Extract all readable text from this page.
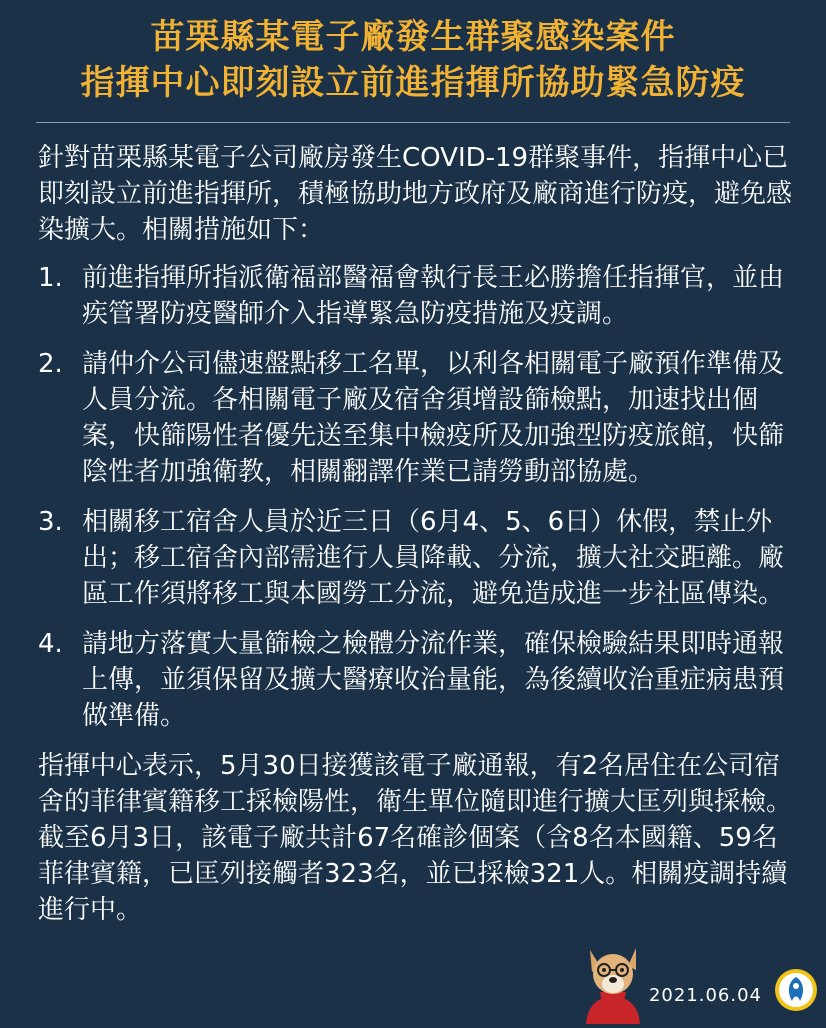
苗栗縣某電子廠發生群聚感染案件
指揮中心即刻設立前進指揮所協助緊急防疫

針對苗栗縣某電子公司廠房發生COVID-19群聚事件，指揮中心已即刻設立前進指揮所，積極協助地方政府及廠商進行防疫，避免感染擴大。相關措施如下：

1. 前進指揮所指派衛福部醫福會執行長王必勝擔任指揮官，並由疾管署防疫醫師介入指導緊急防疫措施及疫調。
2. 請仲介公司儘速盤點移工名單，以利各相關電子廠預作準備及人員分流。各相關電子廠及宿舍須增設篩檢點，加速找出個案，快篩陽性者優先送至集中檢疫所及加強型防疫旅館，快篩陰性者加強衛教，相關翻譯作業已請勞動部協處。
3. 相關移工宿舍人員於近三日（6月4、5、6日）休假，禁止外出；移工宿舍內部需進行人員降載、分流，擴大社交距離。廠區工作須將移工與本國勞工分流，避免造成進一步社區傳染。
4. 請地方落實大量篩檢之檢體分流作業，確保檢驗結果即時通報上傳，並須保留及擴大醫療收治量能，為後續收治重症病患預做準備。

指揮中心表示，5月30日接獲該電子廠通報，有2名居住在公司宿舍的菲律賓籍移工採檢陽性，衛生單位隨即進行擴大匡列與採檢。截至6月3日，該電子廠共計67名確診個案（含8名本國籍、59名菲律賓籍，已匡列接觸者323名，並已採檢321人。相關疫調持續進行中。

2021.06.04
